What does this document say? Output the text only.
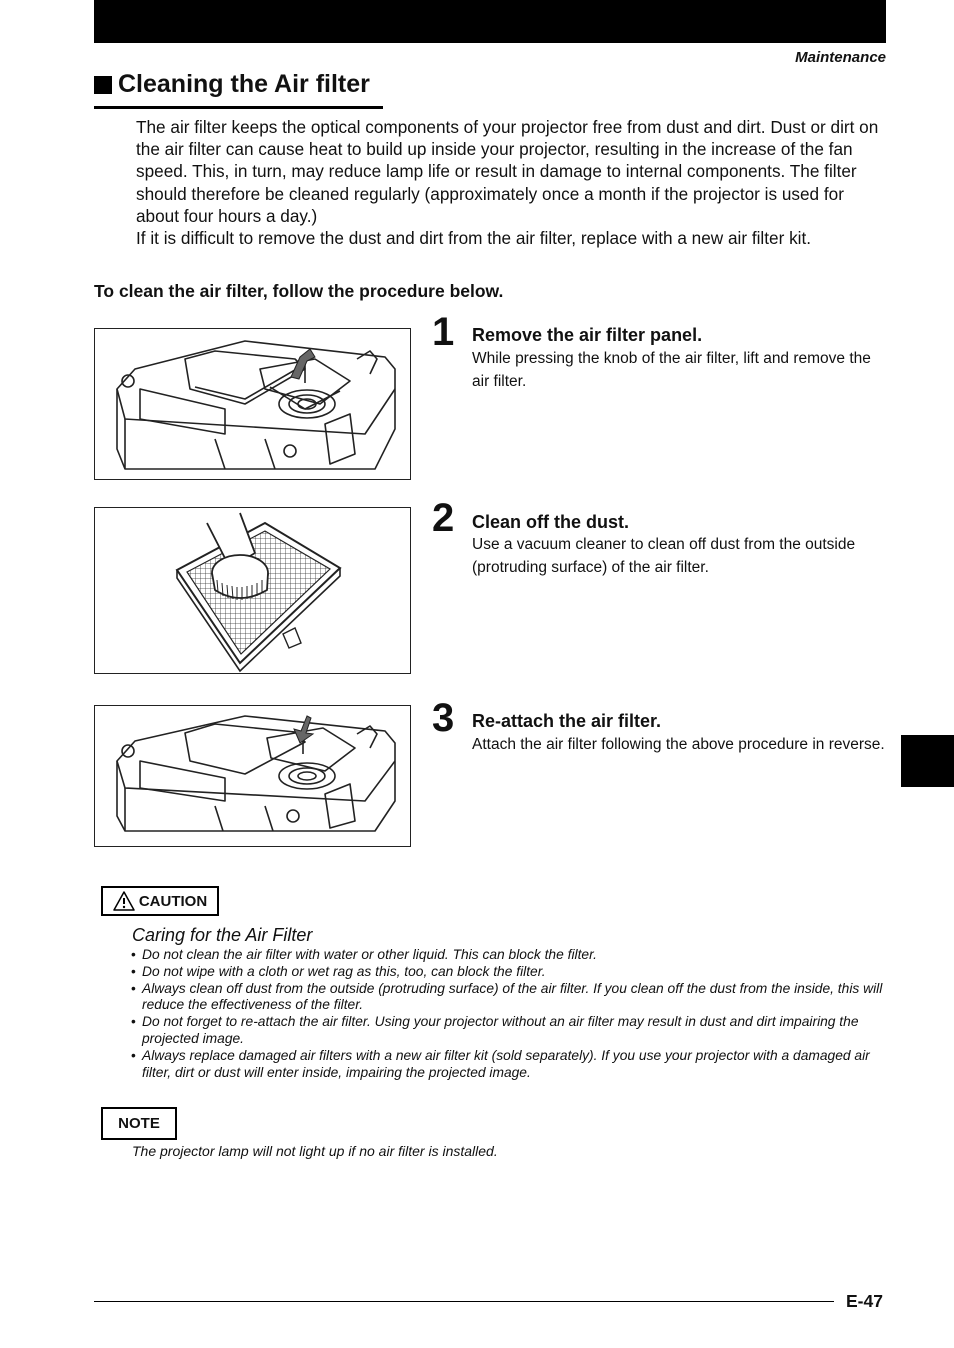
Maintenance
Cleaning the Air filter

The air filter keeps the optical components of your projector free from dust and dirt. Dust or dirt on the air filter can cause heat to build up inside your projector, resulting in the increase of the fan speed. This, in turn, may reduce lamp life or result in damage to internal components. The filter should therefore be cleaned regularly (approximately once a month if the projector is used for about four hours a day.)

If it is difficult to remove the dust and dirt from the air filter, replace with a new air filter kit.

To clean the air filter, follow the procedure below.
1 Remove the air filter panel.
While pressing the knob of the air filter, lift and remove the air filter.
2 Clean off the dust.
Use a vacuum cleaner to clean off dust from the outside (protruding surface) of the air filter.
3 Re-attach the air filter.
Attach the air filter following the above procedure in reverse.
CAUTION
Caring for the Air Filter
• Do not clean the air filter with water or other liquid. This can block the filter.
• Do not wipe with a cloth or wet rag as this, too, can block the filter.
• Always clean off dust from the outside (protruding surface) of the air filter. If you clean off the dust from the inside, this will reduce the effectiveness of the filter.
• Do not forget to re-attach the air filter. Using your projector without an air filter may result in dust and dirt impairing the projected image.
• Always replace damaged air filters with a new air filter kit (sold separately). If you use your projector with a damaged air filter, dirt or dust will enter inside, impairing the projected image.
NOTE
The projector lamp will not light up if no air filter is installed.
E-47
